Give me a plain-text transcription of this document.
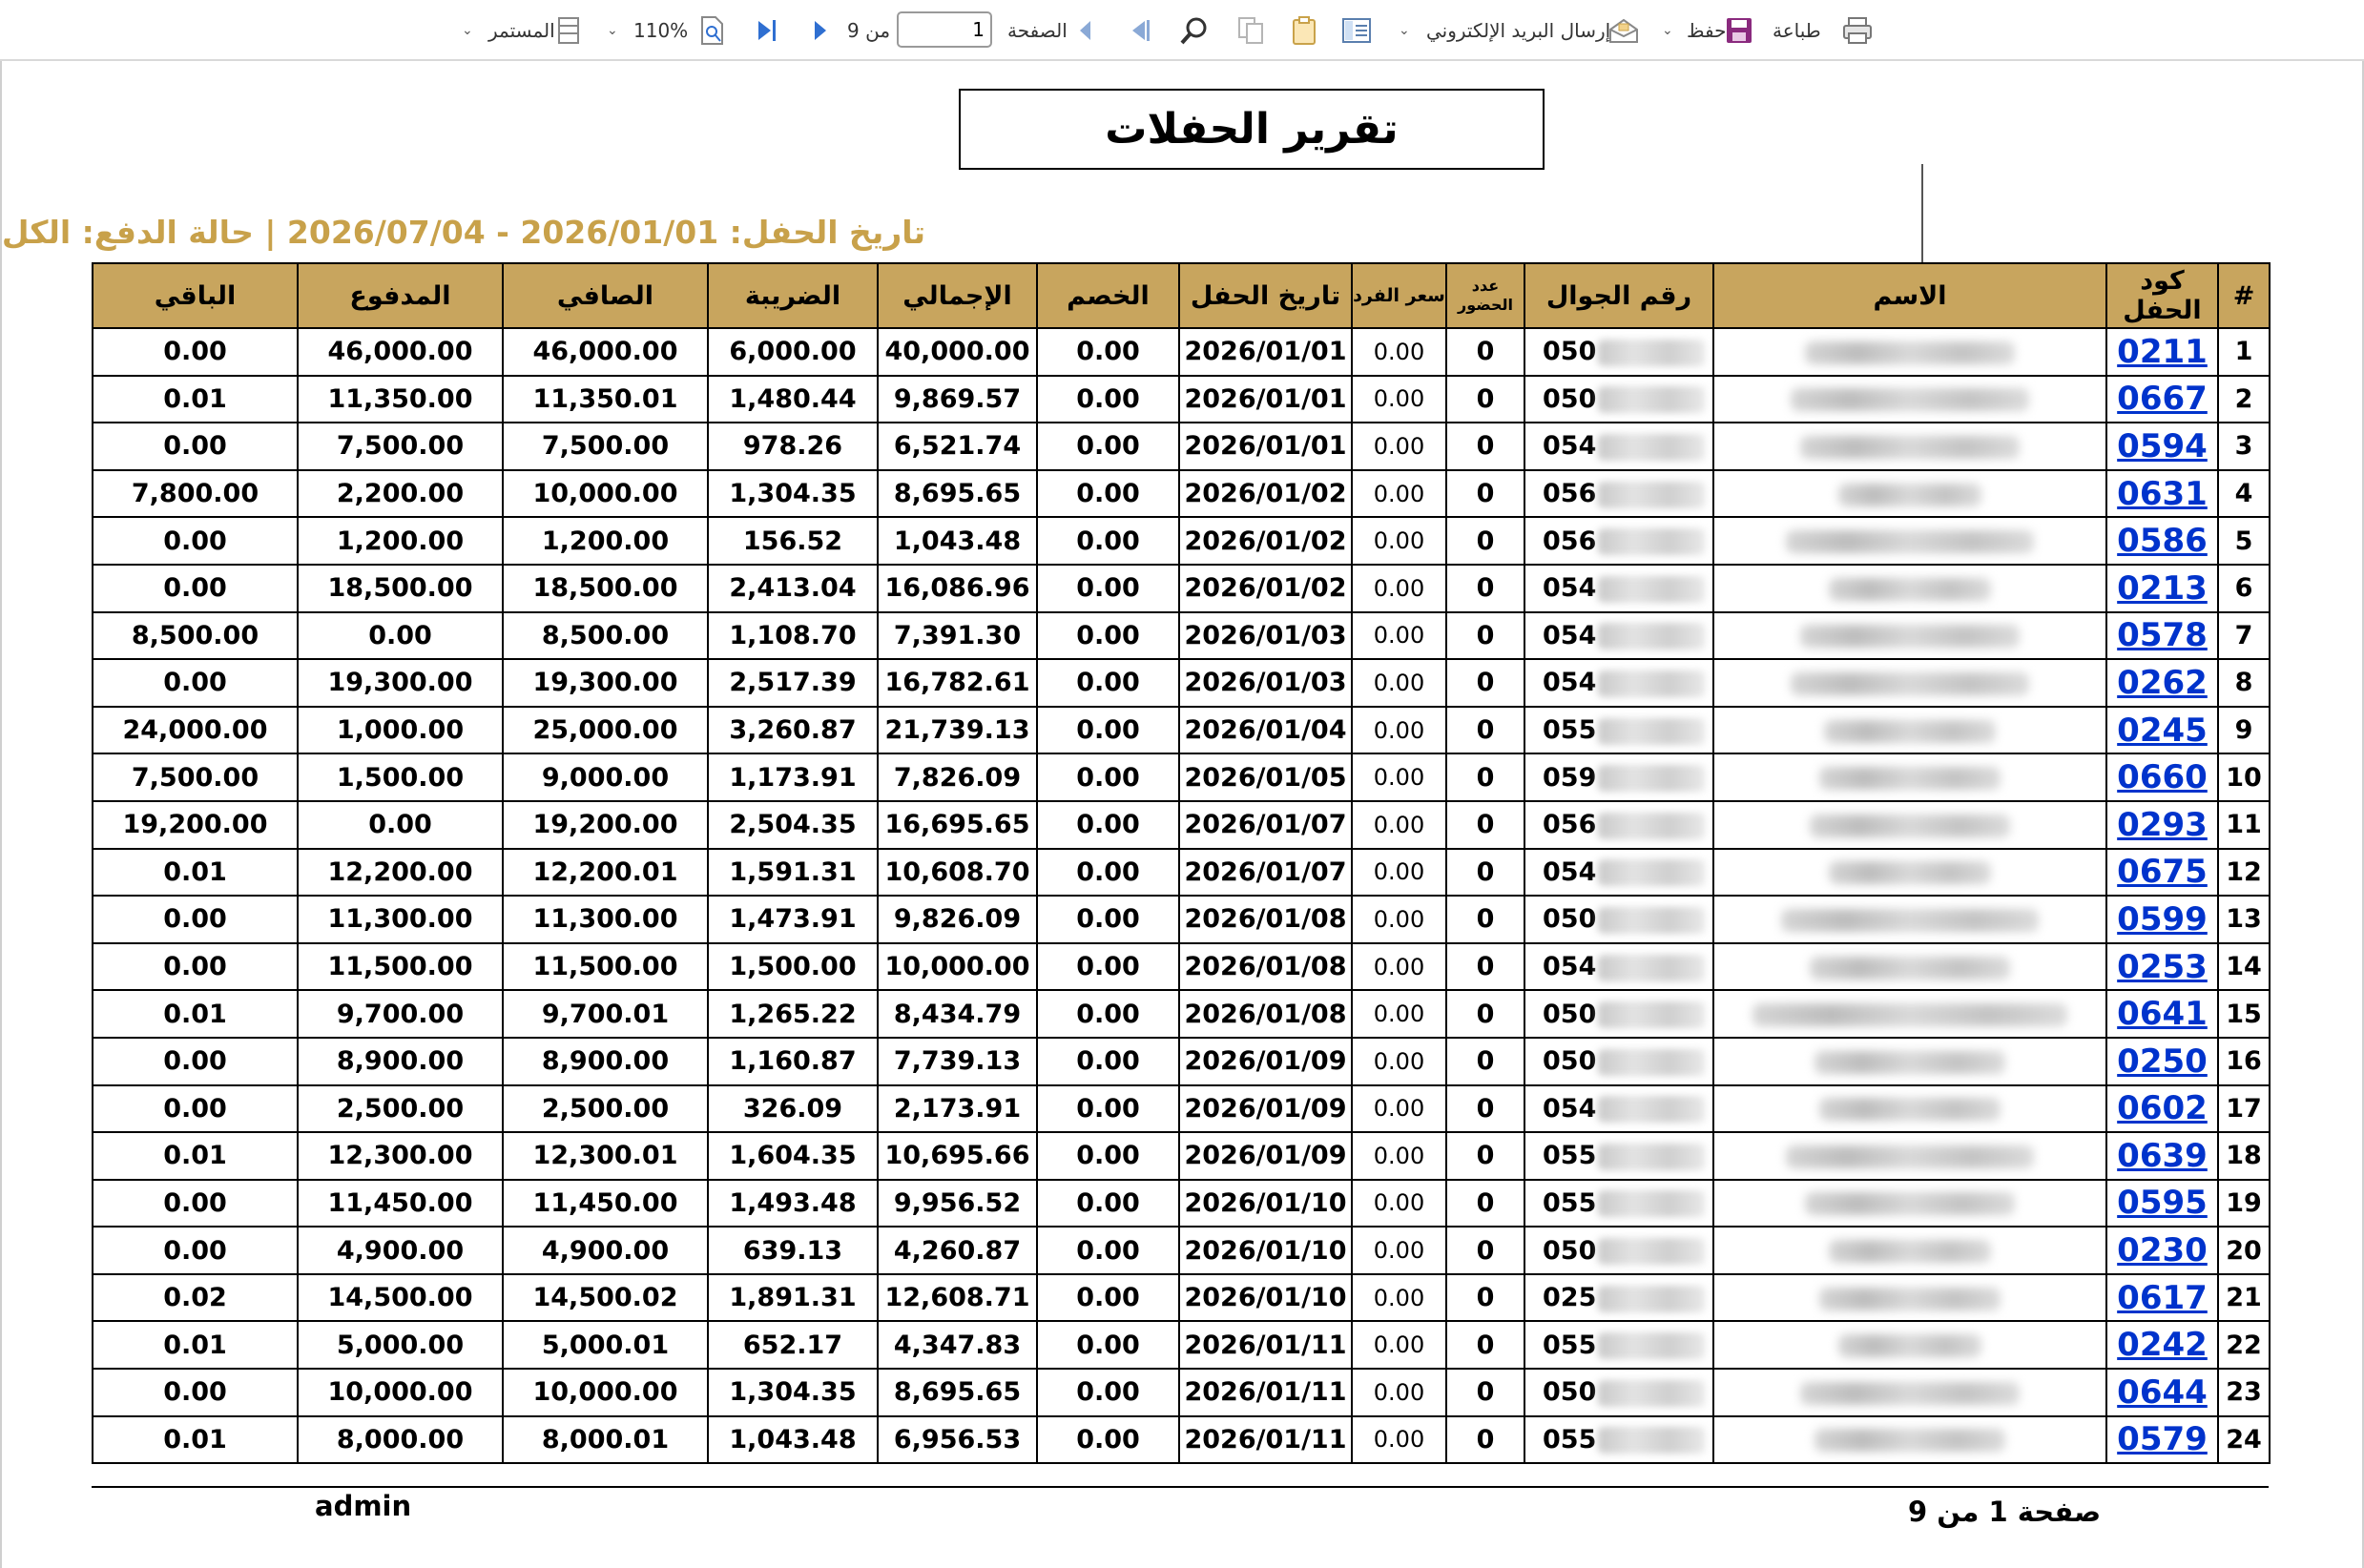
طباعة
حفظ
⌄
إرسال البريد الإلكتروني
⌄
الصفحة
1
من 9
110%
⌄
المستمر
⌄
تقرير الحفلات
تاريخ الحفل: 2026/01/01 - 2026/07/04 | حالة الدفع: الكل
#	كود الحفل	الاسم	رقم الجوال	عدد الحضور	سعر الفرد	تاريخ الحفل	الخصم	الإجمالي	الضريبة	الصافي	المدفوع	الباقي
1	0211		050	0	0.00	2026/01/01	0.00	40,000.00	6,000.00	46,000.00	46,000.00	0.00
2	0667		050	0	0.00	2026/01/01	0.00	9,869.57	1,480.44	11,350.01	11,350.00	0.01
3	0594		054	0	0.00	2026/01/01	0.00	6,521.74	978.26	7,500.00	7,500.00	0.00
4	0631		056	0	0.00	2026/01/02	0.00	8,695.65	1,304.35	10,000.00	2,200.00	7,800.00
5	0586		056	0	0.00	2026/01/02	0.00	1,043.48	156.52	1,200.00	1,200.00	0.00
6	0213		054	0	0.00	2026/01/02	0.00	16,086.96	2,413.04	18,500.00	18,500.00	0.00
7	0578		054	0	0.00	2026/01/03	0.00	7,391.30	1,108.70	8,500.00	0.00	8,500.00
8	0262		054	0	0.00	2026/01/03	0.00	16,782.61	2,517.39	19,300.00	19,300.00	0.00
9	0245		055	0	0.00	2026/01/04	0.00	21,739.13	3,260.87	25,000.00	1,000.00	24,000.00
10	0660		059	0	0.00	2026/01/05	0.00	7,826.09	1,173.91	9,000.00	1,500.00	7,500.00
11	0293		056	0	0.00	2026/01/07	0.00	16,695.65	2,504.35	19,200.00	0.00	19,200.00
12	0675		054	0	0.00	2026/01/07	0.00	10,608.70	1,591.31	12,200.01	12,200.00	0.01
13	0599		050	0	0.00	2026/01/08	0.00	9,826.09	1,473.91	11,300.00	11,300.00	0.00
14	0253		054	0	0.00	2026/01/08	0.00	10,000.00	1,500.00	11,500.00	11,500.00	0.00
15	0641		050	0	0.00	2026/01/08	0.00	8,434.79	1,265.22	9,700.01	9,700.00	0.01
16	0250		050	0	0.00	2026/01/09	0.00	7,739.13	1,160.87	8,900.00	8,900.00	0.00
17	0602		054	0	0.00	2026/01/09	0.00	2,173.91	326.09	2,500.00	2,500.00	0.00
18	0639		055	0	0.00	2026/01/09	0.00	10,695.66	1,604.35	12,300.01	12,300.00	0.01
19	0595		055	0	0.00	2026/01/10	0.00	9,956.52	1,493.48	11,450.00	11,450.00	0.00
20	0230		050	0	0.00	2026/01/10	0.00	4,260.87	639.13	4,900.00	4,900.00	0.00
21	0617		025	0	0.00	2026/01/10	0.00	12,608.71	1,891.31	14,500.02	14,500.00	0.02
22	0242		055	0	0.00	2026/01/11	0.00	4,347.83	652.17	5,000.01	5,000.00	0.01
23	0644		050	0	0.00	2026/01/11	0.00	8,695.65	1,304.35	10,000.00	10,000.00	0.00
24	0579		055	0	0.00	2026/01/11	0.00	6,956.53	1,043.48	8,000.01	8,000.00	0.01
admin	صفحة 1 من 9
